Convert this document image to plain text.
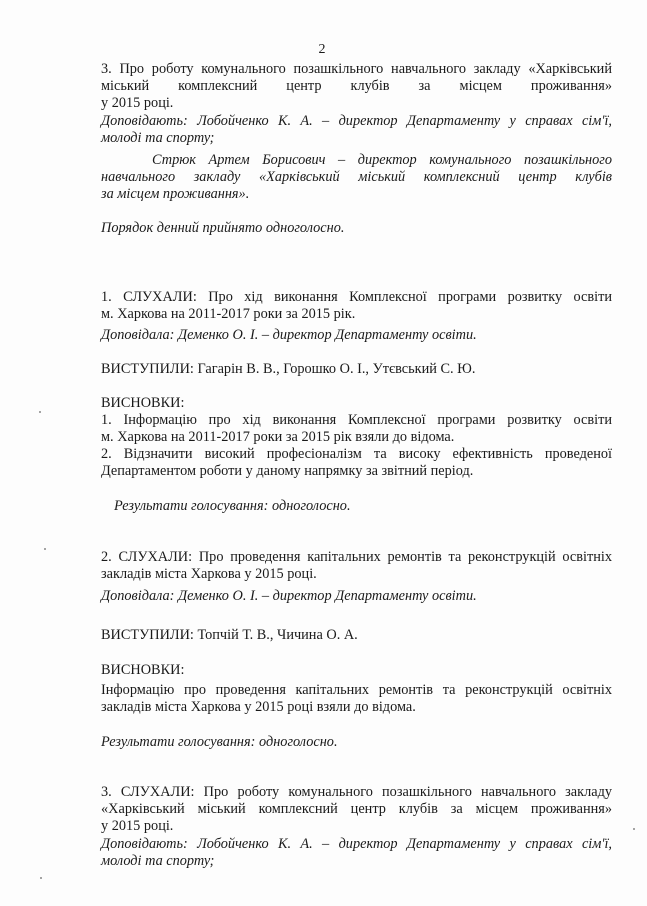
2
3. Про роботу комунального позашкільного навчального закладу «Харківський
міський комплексний центр клубів за місцем проживання»
у 2015 році.
Доповідають: Лобойченко К. А. – директор Департаменту у справах сім'ї,
молоді та спорту;
Стрюк Артем Борисович – директор комунального позашкільного
навчального закладу «Харківський міський комплексний центр клубів
за місцем проживання».
Порядок денний прийнято одноголосно.
1. СЛУХАЛИ: Про хід виконання Комплексної програми розвитку освіти
м. Харкова на 2011-2017 роки за 2015 рік.
Доповідала: Деменко О. І. – директор Департаменту освіти.
ВИСТУПИЛИ: Гагарін В. В., Горошко О. І., Утєвський С. Ю.
ВИСНОВКИ:
1. Інформацію про хід виконання Комплексної програми розвитку освіти
м. Харкова на 2011-2017 роки за 2015 рік взяли до відома.
2. Відзначити високий професіоналізм та високу ефективність проведеної
Департаментом роботи у даному напрямку за звітний період.
Результати голосування: одноголосно.
2. СЛУХАЛИ: Про проведення капітальних ремонтів та реконструкцій освітніх
закладів міста Харкова у 2015 році.
Доповідала: Деменко О. І. – директор Департаменту освіти.
ВИСТУПИЛИ: Топчій Т. В., Чичина О. А.
ВИСНОВКИ:
Інформацію про проведення капітальних ремонтів та реконструкцій освітніх
закладів міста Харкова у 2015 році взяли до відома.
Результати голосування: одноголосно.
3. СЛУХАЛИ: Про роботу комунального позашкільного навчального закладу
«Харківський міський комплексний центр клубів за місцем проживання»
у 2015 році.
Доповідають: Лобойченко К. А. – директор Департаменту у справах сім'ї,
молоді та спорту;
